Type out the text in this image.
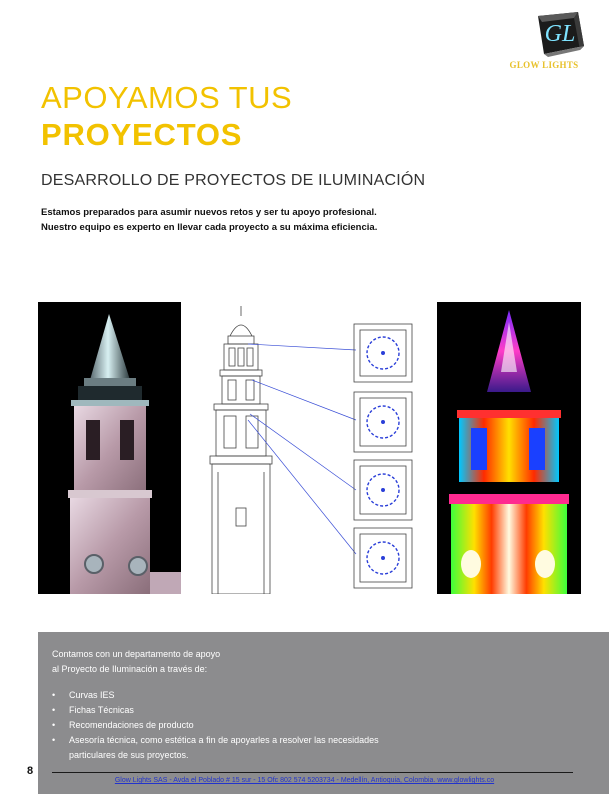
GL
GLOW LIGHTS
APOYAMOS TUS
PROYECTOS
DESARROLLO DE PROYECTOS DE ILUMINACIÓN
Estamos preparados para asumir nuevos retos y ser tu apoyo profesional.
Nuestro equipo es experto en llevar cada proyecto a su máxima eficiencia.
Contamos con un departamento de apoyo
al Proyecto de Iluminación a través de:
• Curvas IES
• Fichas Técnicas
• Recomendaciones de producto
• Asesoría técnica, como estética a fin de apoyarles a resolver las necesidades
particulares de sus proyectos.
8
Glow Lights SAS - Avda el Poblado # 15 sur - 15 Ofc 802 574 5203734 - Medellín, Antioquia, Colombia. www.glowlights.co
